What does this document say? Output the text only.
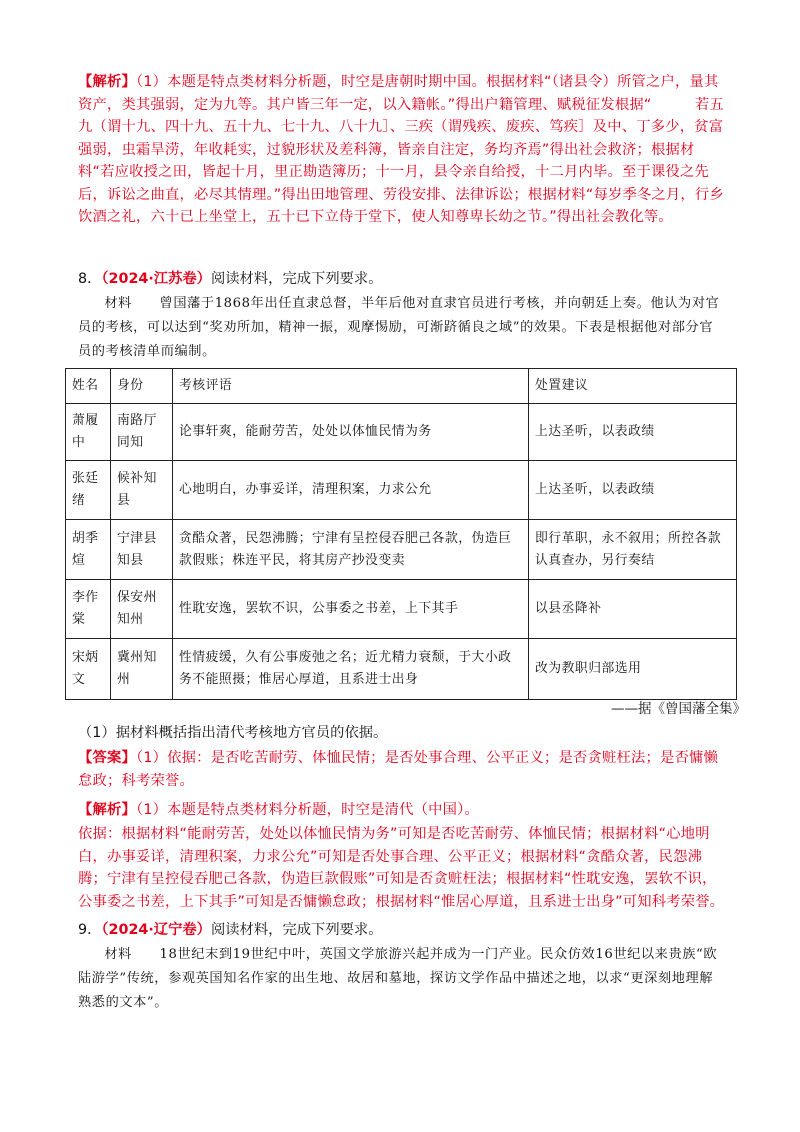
【解析】（1）本题是特点类材料分析题，时空是唐朝时期中国。根据材料“（诸县令）所管之户，量其资产，类其强弱，定为九等。其户皆三年一定，以入籍帐。”得出户籍管理、赋税征发根据“　　　若五九（谓十九、四十九、五十九、七十九、八十九］、三疾（谓残疾、废疾、笃疾］及中、丁多少，贫富强弱，虫霜旱涝，年收耗实，过貌形状及差科簿，皆亲自注定，务均齐焉”得出社会救济；根据材料“若应收授之田，皆起十月，里正勘造簿历；十一月，县令亲自给授，十二月内毕。至于课役之先后，诉讼之曲直，必尽其情理。”得出田地管理、劳役安排、法律诉讼；根据材料“每岁季冬之月，行乡饮酒之礼，六十已上坐堂上，五十已下立侍于堂下，使人知尊卑长幼之节。”得出社会教化等。

8．（2024·江苏卷）阅读材料，完成下列要求。

材料　　曾国藩于1868年出任直隶总督，半年后他对直隶官员进行考核，并向朝廷上奏。他认为对官员的考核，可以达到“奖劝所加，精神一振，观摩惕励，可渐跻循良之域”的效果。下表是根据他对部分官员的考核清单而编制。

姓名	身份	考核评语	处置建议
萧履中	南路厅同知	论事轩爽，能耐劳苦，处处以体恤民情为务	上达圣听，以表政绩
张廷绪	候补知县	心地明白，办事妥详，清理积案，力求公允	上达圣听，以表政绩
胡季煊	宁津县知县	贪酷众著，民怨沸腾；宁津有呈控侵吞肥己各款，伪造巨款假账；株连平民，将其房产抄没变卖	即行革职，永不叙用；所控各款认真查办，另行奏结
李作棠	保安州知州	性耽安逸，罢软不识，公事委之书差，上下其手	以县丞降补
宋炳文	冀州知州	性情疲缓，久有公事废弛之名；近尤精力衰颓，于大小政务不能照摄；惟居心厚道，且系进士出身	改为教职归部选用
——据《曾国藩全集》

（1）据材料概括指出清代考核地方官员的依据。

【答案】（1）依据：是否吃苦耐劳、体恤民情；是否处事合理、公平正义；是否贪赃枉法；是否慵懒怠政；科考荣誉。

【解析】（1）本题是特点类材料分析题，时空是清代（中国）。

依据：根据材料“能耐劳苦，处处以体恤民情为务”可知是否吃苦耐劳、体恤民情；根据材料“心地明白，办事妥详，清理积案，力求公允”可知是否处事合理、公平正义；根据材料“贪酷众著，民怨沸腾；宁津有呈控侵吞肥己各款，伪造巨款假账”可知是否贪赃枉法；根据材料“性耽安逸，罢软不识，公事委之书差，上下其手”可知是否慵懒怠政；根据材料“惟居心厚道，且系进士出身”可知科考荣誉。

9．（2024·辽宁卷）阅读材料，完成下列要求。

材料　　18世纪末到19世纪中叶，英国文学旅游兴起并成为一门产业。民众仿效16世纪以来贵族“欧陆游学”传统，参观英国知名作家的出生地、故居和墓地，探访文学作品中描述之地，以求“更深刻地理解熟悉的文本”。
